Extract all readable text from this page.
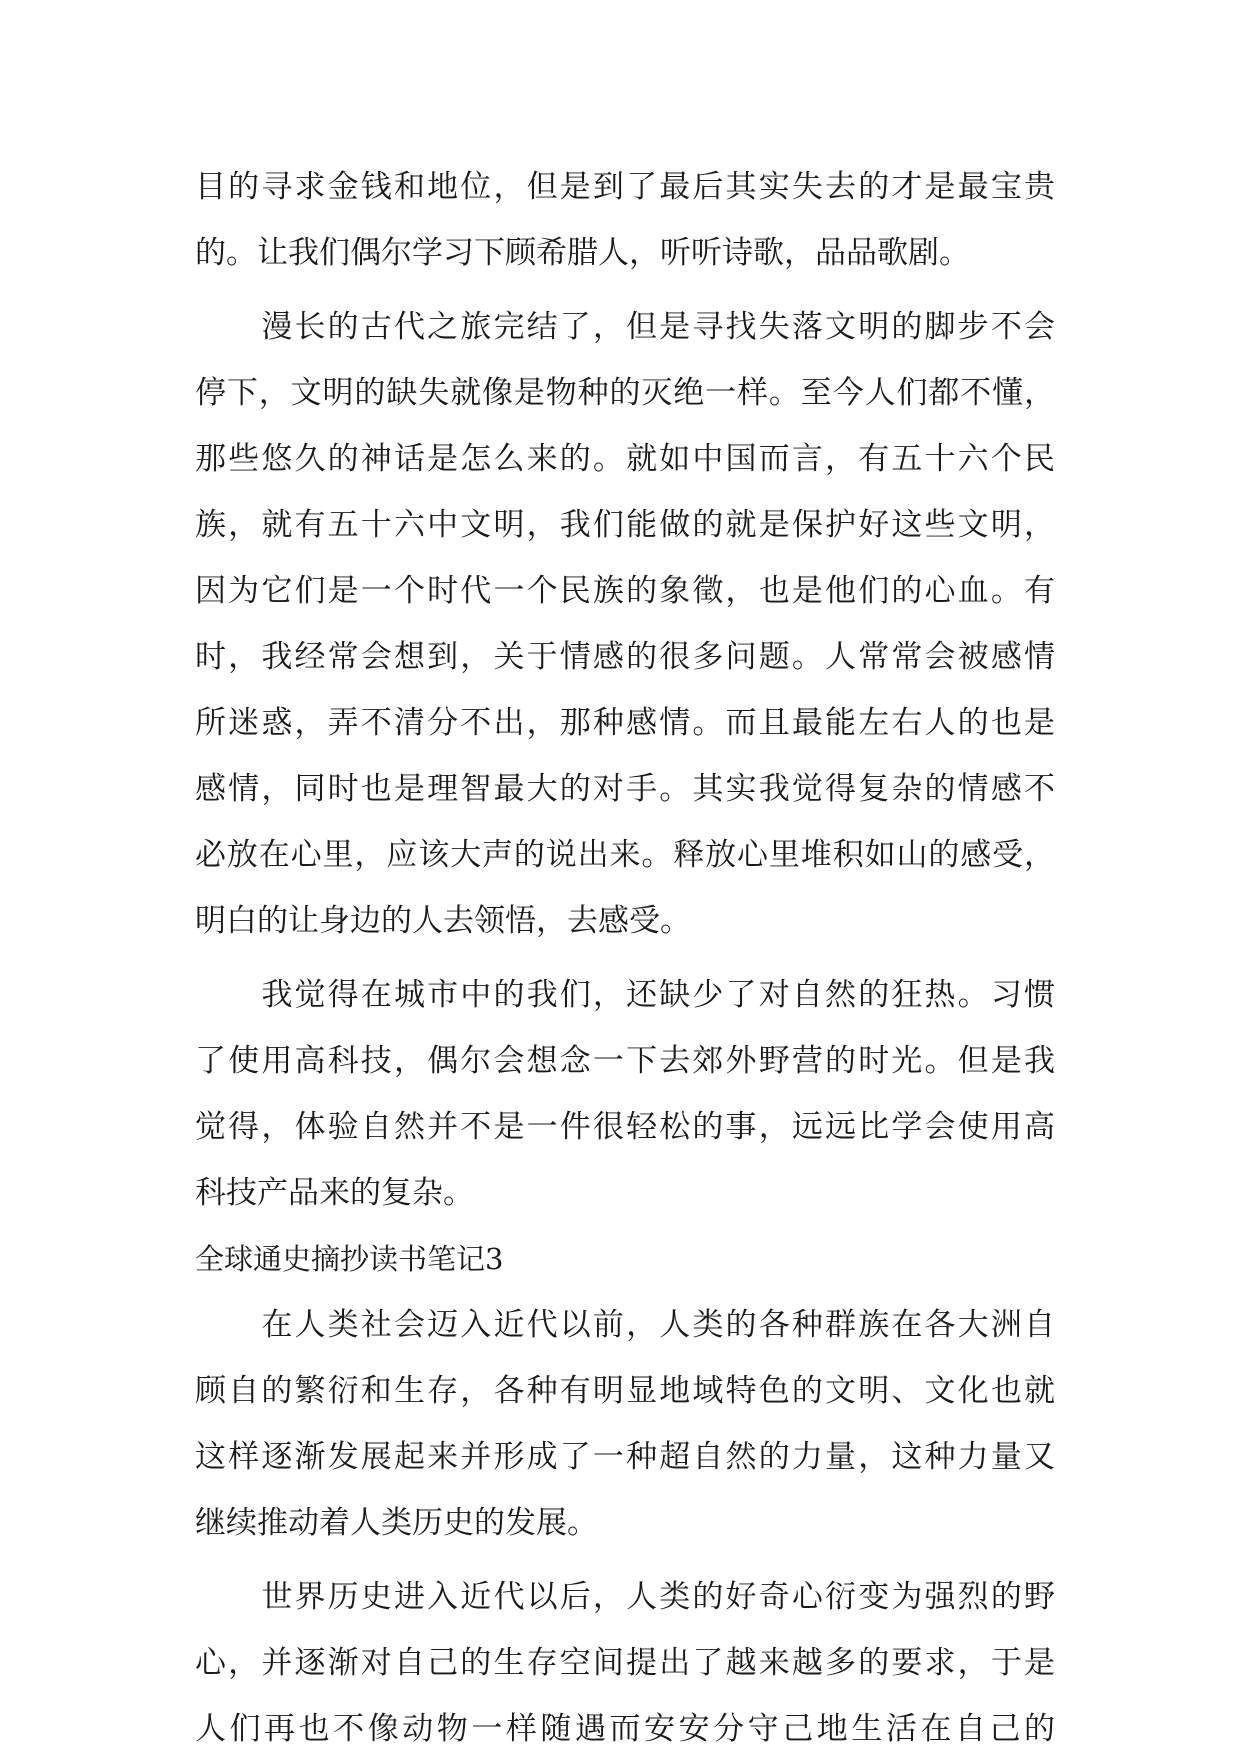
目的寻求金钱和地位，但是到了最后其实失去的才是最宝贵
的。让我们偶尔学习下顾希腊人，听听诗歌，品品歌剧。
　　漫长的古代之旅完结了，但是寻找失落文明的脚步不会
停下，文明的缺失就像是物种的灭绝一样。至今人们都不懂，
那些悠久的神话是怎么来的。就如中国而言，有五十六个民
族，就有五十六中文明，我们能做的就是保护好这些文明，
因为它们是一个时代一个民族的象徵，也是他们的心血。有
时，我经常会想到，关于情感的很多问题。人常常会被感情
所迷惑，弄不清分不出，那种感情。而且最能左右人的也是
感情，同时也是理智最大的对手。其实我觉得复杂的情感不
必放在心里，应该大声的说出来。释放心里堆积如山的感受，
明白的让身边的人去领悟，去感受。
　　我觉得在城市中的我们，还缺少了对自然的狂热。习惯
了使用高科技，偶尔会想念一下去郊外野营的时光。但是我
觉得，体验自然并不是一件很轻松的事，远远比学会使用高
科技产品来的复杂。
全球通史摘抄读书笔记3
　　在人类社会迈入近代以前，人类的各种群族在各大洲自
顾自的繁衍和生存，各种有明显地域特色的文明、文化也就
这样逐渐发展起来并形成了一种超自然的力量，这种力量又
继续推动着人类历史的发展。
　　世界历史进入近代以后，人类的好奇心衍变为强烈的野
心，并逐渐对自己的生存空间提出了越来越多的要求，于是
人们再也不像动物一样随遇而安安分守己地生活在自己的
